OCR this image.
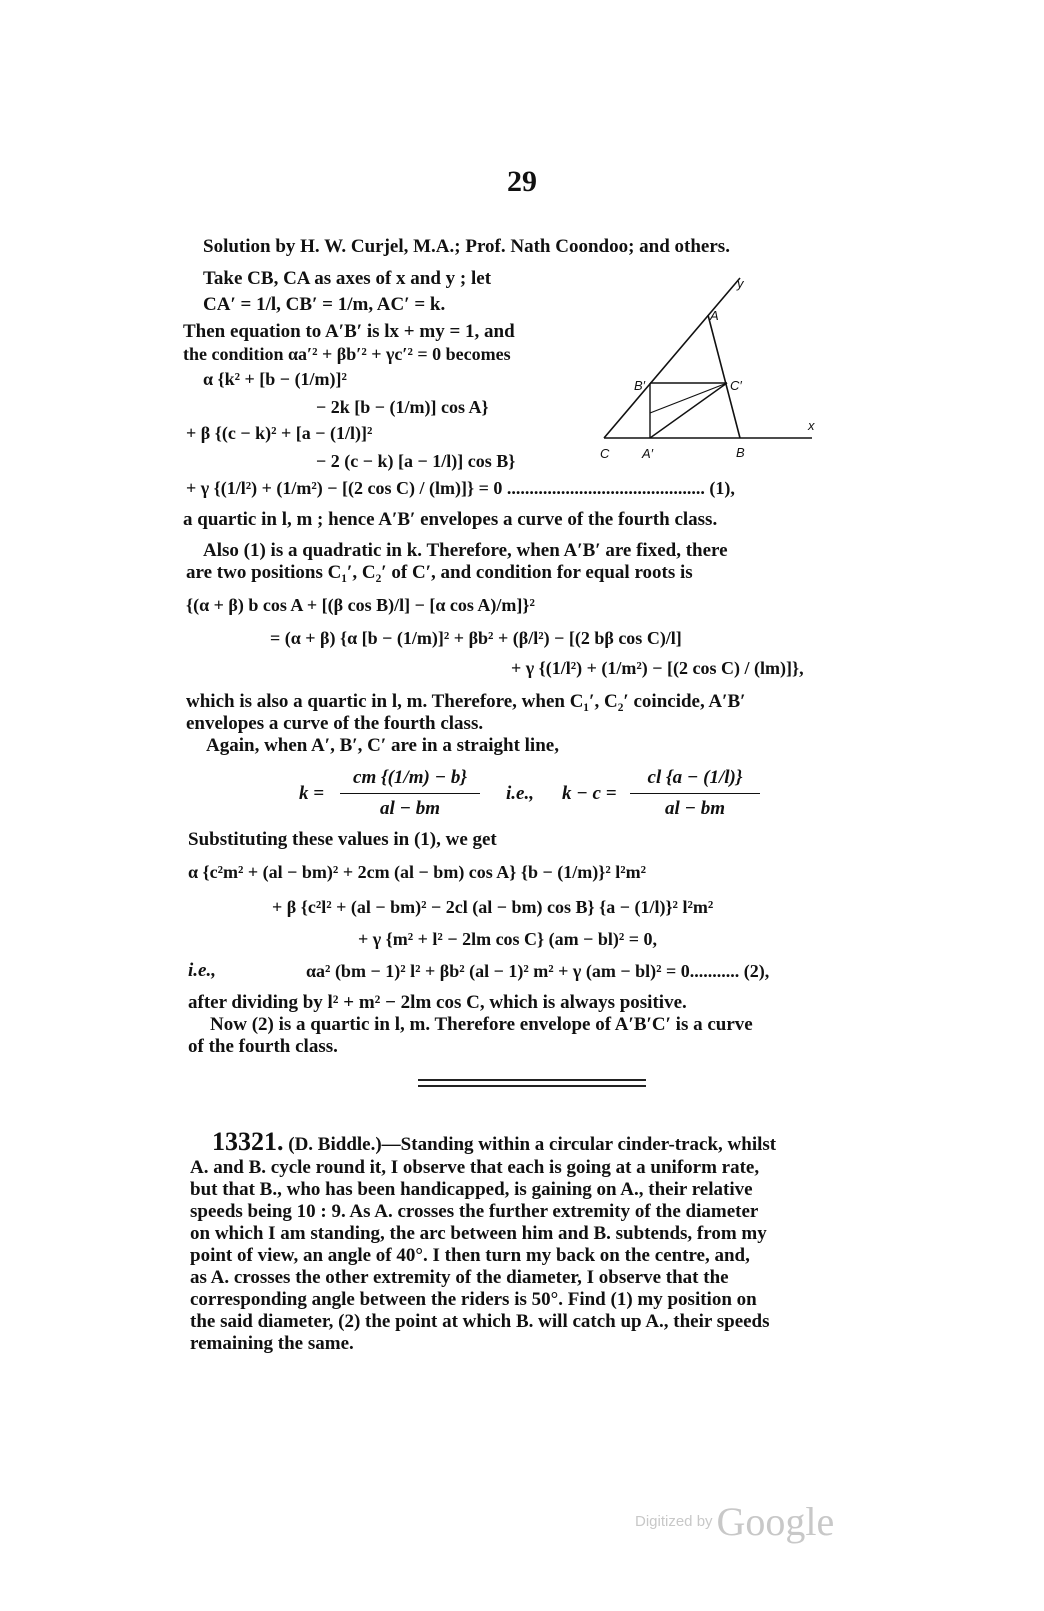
29
Solution by H. W. Curjel, M.A.; Prof. Nath Coondoo; and others.
Take CB, CA as axes of x and y ; let
CA′ = 1/l, CB′ = 1/m, AC′ = k.
Then equation to A′B′ is lx + my = 1, and
the condition αa′² + βb′² + γc′² = 0 becomes
α {k² + [b − (1/m)]²
− 2k [b − (1/m)] cos A}
+ β {(c − k)² + [a − (1/l)]²
− 2 (c − k) [a − 1/l)] cos B}
+ γ {(1/l²) + (1/m²) − [(2 cos C) / (lm)]} = 0 ............................................ (1),
a quartic in l, m ; hence A′B′ envelopes a curve of the fourth class.
Also (1) is a quadratic in k. Therefore, when A′B′ are fixed, there
are two positions C₁′, C₂′ of C′, and condition for equal roots is
{(α + β) b cos A + [(β cos B)/l] − [α cos A)/m]}²
= (α + β) {α [b − (1/m)]² + βb² + (β/l²) − [(2 bβ cos C)/l]
+ γ {(1/l²) + (1/m²) − [(2 cos C) / (lm)]},
which is also a quartic in l, m. Therefore, when C₁′, C₂′ coincide, A′B′
envelopes a curve of the fourth class.
Again, when A′, B′, C′ are in a straight line,
k =
cm {(1/m) − b}
al − bm
i.e., k − c =
cl {a − (1/l)}
al − bm
Substituting these values in (1), we get
α {c²m² + (al − bm)² + 2cm (al − bm) cos A} {b − (1/m)}² l²m²
+ β {c²l² + (al − bm)² − 2cl (al − bm) cos B} {a − (1/l)}² l²m²
+ γ {m² + l² − 2lm cos C} (am − bl)² = 0,
i.e.,	αa² (bm − 1)² l² + βb² (al − 1)² m² + γ (am − bl)² = 0........... (2),
after dividing by l² + m² − 2lm cos C, which is always positive.
Now (2) is a quartic in l, m. Therefore envelope of A′B′C′ is a curve
of the fourth class.
13321. (D. Biddle.)—Standing within a circular cinder-track, whilst
A. and B. cycle round it, I observe that each is going at a uniform rate,
but that B., who has been handicapped, is gaining on A., their relative
speeds being 10 : 9. As A. crosses the further extremity of the diameter
on which I am standing, the arc between him and B. subtends, from my
point of view, an angle of 40°. I then turn my back on the centre, and,
as A. crosses the other extremity of the diameter, I observe that the
corresponding angle between the riders is 50°. Find (1) my position on
the said diameter, (2) the point at which B. will catch up A., their speeds
remaining the same.
y
A
B′	C′
x
C	A′	B
Digitized by Google
